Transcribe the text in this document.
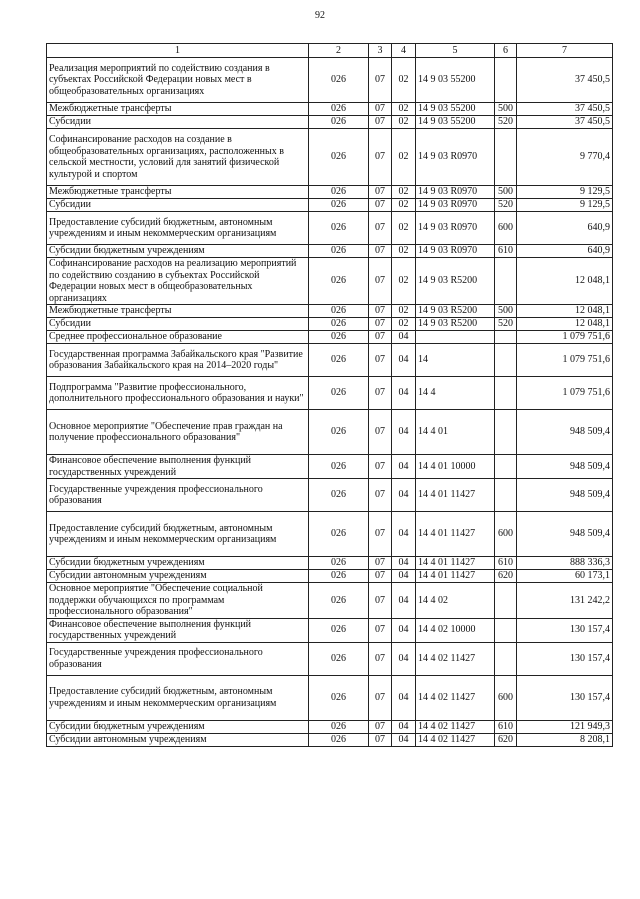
92
1	2	3	4	5	6	7
Реализация мероприятий по содействию создания в субъектах Российской Федерации новых мест в общеобразовательных организациях	026	07	02	14 9 03 55200		37 450,5
Межбюджетные трансферты	026	07	02	14 9 03 55200	500	37 450,5
Субсидии	026	07	02	14 9 03 55200	520	37 450,5
Софинансирование расходов на создание в общеобразовательных организациях, расположенных в сельской местности, условий для занятий физической культурой и спортом	026	07	02	14 9 03 R0970		9 770,4
Межбюджетные трансферты	026	07	02	14 9 03 R0970	500	9 129,5
Субсидии	026	07	02	14 9 03 R0970	520	9 129,5
Предоставление субсидий бюджетным, автономным учреждениям и иным некоммерческим организациям	026	07	02	14 9 03 R0970	600	640,9
Субсидии бюджетным учреждениям	026	07	02	14 9 03 R0970	610	640,9
Софинансирование расходов на реализацию мероприятий по содействию созданию в субъектах Российской Федерации новых мест в общеобразовательных организациях	026	07	02	14 9 03 R5200		12 048,1
Межбюджетные трансферты	026	07	02	14 9 03 R5200	500	12 048,1
Субсидии	026	07	02	14 9 03 R5200	520	12 048,1
Среднее профессиональное образование	026	07	04			1 079 751,6
Государственная программа Забайкальского края "Развитие образования Забайкальского края на 2014–2020 годы"	026	07	04	14		1 079 751,6
Подпрограмма "Развитие профессионального, дополнительного профессионального образования и науки"	026	07	04	14 4		1 079 751,6
Основное мероприятие "Обеспечение прав граждан на получение профессионального образования"	026	07	04	14 4 01		948 509,4
Финансовое обеспечение выполнения функций государственных учреждений	026	07	04	14 4 01 10000		948 509,4
Государственные учреждения профессионального образования	026	07	04	14 4 01 11427		948 509,4
Предоставление субсидий бюджетным, автономным учреждениям и иным некоммерческим организациям	026	07	04	14 4 01 11427	600	948 509,4
Субсидии бюджетным учреждениям	026	07	04	14 4 01 11427	610	888 336,3
Субсидии автономным учреждениям	026	07	04	14 4 01 11427	620	60 173,1
Основное мероприятие "Обеспечение социальной поддержки обучающихся по программам профессионального образования"	026	07	04	14 4 02		131 242,2
Финансовое обеспечение выполнения функций государственных учреждений	026	07	04	14 4 02 10000		130 157,4
Государственные учреждения профессионального образования	026	07	04	14 4 02 11427		130 157,4
Предоставление субсидий бюджетным, автономным учреждениям и иным некоммерческим организациям	026	07	04	14 4 02 11427	600	130 157,4
Субсидии бюджетным учреждениям	026	07	04	14 4 02 11427	610	121 949,3
Субсидии автономным учреждениям	026	07	04	14 4 02 11427	620	8 208,1
